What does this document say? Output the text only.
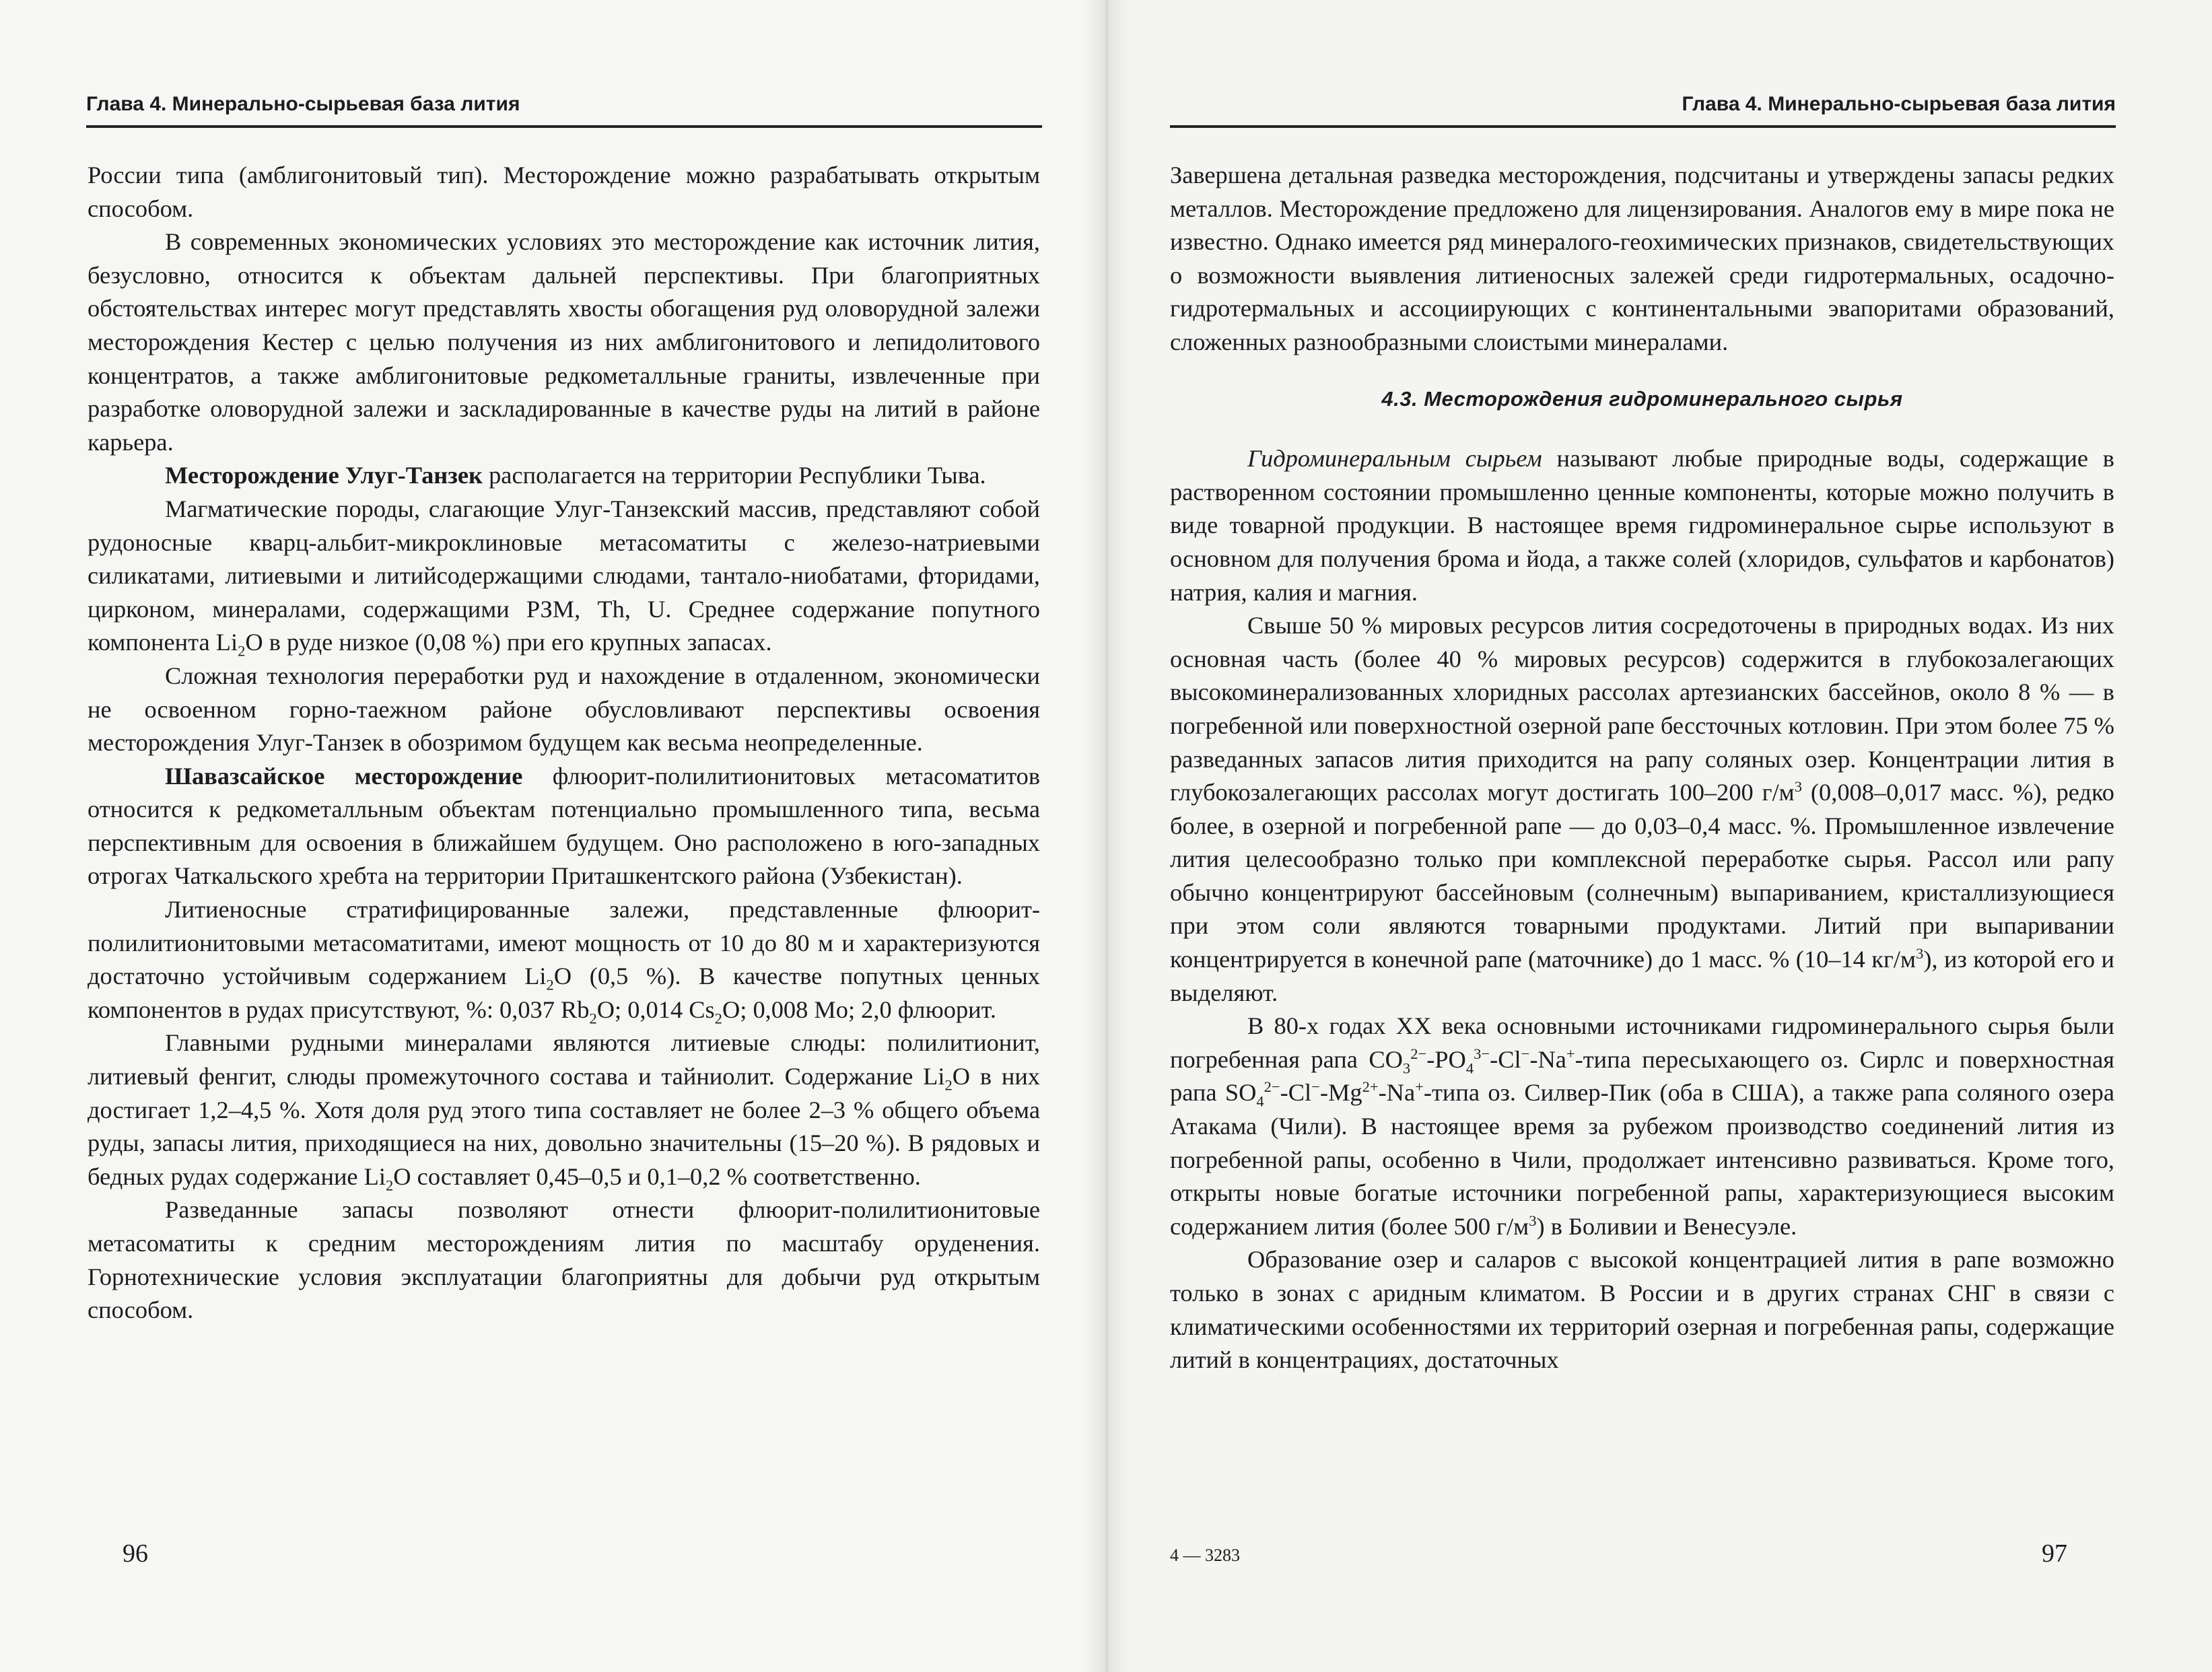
Глава 4. Минерально-сырьевая база лития

России типа (амблигонитовый тип). Месторождение можно разрабатывать открытым способом.

В современных экономических условиях это месторождение как источник лития, безусловно, относится к объектам дальней перспективы. При благоприятных обстоятельствах интерес могут представлять хвосты обогащения руд оловорудной залежи месторождения Кестер с целью получения из них амблигонитового и лепидолитового концентратов, а также амблигонитовые редкометалльные граниты, извлеченные при разработке оловорудной залежи и заскладированные в качестве руды на литий в районе карьера.

Месторождение Улуг-Танзек располагается на территории Республики Тыва.

Магматические породы, слагающие Улуг-Танзекский массив, представляют собой рудоносные кварц-альбит-микроклиновые метасоматиты с железо-натриевыми силикатами, литиевыми и литийсодержащими слюдами, тантало-ниобатами, фторидами, цирконом, минералами, содержащими РЗМ, Th, U. Среднее содержание попутного компонента $Li_2O$ в руде низкое (0,08 %) при его крупных запасах.

Сложная технология переработки руд и нахождение в отдаленном, экономически не освоенном горно-таежном районе обусловливают перспективы освоения месторождения Улуг-Танзек в обозримом будущем как весьма неопределенные.

Шавазсайское месторождение флюорит-полилитионитовых метасоматитов относится к редкометалльным объектам потенциально промышленного типа, весьма перспективным для освоения в ближайшем будущем. Оно расположено в юго-западных отрогах Чаткальского хребта на территории Приташкентского района (Узбекистан).

Литиеносные стратифицированные залежи, представленные флюорит-полилитионитовыми метасоматитами, имеют мощность от 10 до 80 м и характеризуются достаточно устойчивым содержанием $Li_2O$ (0,5 %). В качестве попутных ценных компонентов в рудах присутствуют, %: 0,037 $Rb_2O$; 0,014 $Cs_2O$; 0,008 Mo; 2,0 флюорит.

Главными рудными минералами являются литиевые слюды: полилитионит, литиевый фенгит, слюды промежуточного состава и тайниолит. Содержание $Li_2O$ в них достигает 1,2–4,5 %. Хотя доля руд этого типа составляет не более 2–3 % общего объема руды, запасы лития, приходящиеся на них, довольно значительны (15–20 %). В рядовых и бедных рудах содержание $Li_2O$ составляет 0,45–0,5 и 0,1–0,2 % соответственно.

Разведанные запасы позволяют отнести флюорит-полилитионитовые метасоматиты к средним месторождениям лития по масштабу оруденения. Горнотехнические условия эксплуатации благоприятны для добычи руд открытым способом.

96
Глава 4. Минерально-сырьевая база лития

Завершена детальная разведка месторождения, подсчитаны и утверждены запасы редких металлов. Месторождение предложено для лицензирования. Аналогов ему в мире пока не известно. Однако имеется ряд минералого-геохимических признаков, свидетельствующих о возможности выявления литиеносных залежей среди гидротермальных, осадочно-гидротермальных и ассоциирующих с континентальными эвапоритами образований, сложенных разнообразными слоистыми минералами.

4.3. Месторождения гидроминерального сырья

Гидроминеральным сырьем называют любые природные воды, содержащие в растворенном состоянии промышленно ценные компоненты, которые можно получить в виде товарной продукции. В настоящее время гидроминеральное сырье используют в основном для получения брома и йода, а также солей (хлоридов, сульфатов и карбонатов) натрия, калия и магния.

Свыше 50 % мировых ресурсов лития сосредоточены в природных водах. Из них основная часть (более 40 % мировых ресурсов) содержится в глубокозалегающих высокоминерализованных хлоридных рассолах артезианских бассейнов, около 8 % — в погребенной или поверхностной озерной рапе бессточных котловин. При этом более 75 % разведанных запасов лития приходится на рапу соляных озер. Концентрации лития в глубокозалегающих рассолах могут достигать 100–200 $г/м^3$ (0,008–0,017 масс. %), редко более, в озерной и погребенной рапе — до 0,03–0,4 масс. %. Промышленное извлечение лития целесообразно только при комплексной переработке сырья. Рассол или рапу обычно концентрируют бассейновым (солнечным) выпариванием, кристаллизующиеся при этом соли являются товарными продуктами. Литий при выпаривании концентрируется в конечной рапе (маточнике) до 1 масс. % (10–14 $кг/м^3$), из которой его и выделяют.

В 80-х годах XX века основными источниками гидроминерального сырья были погребенная рапа $CO_3^{2-}-PO_4^{3-}-Cl^--Na^+$-типа пересыхающего оз. Сирлс и поверхностная рапа $SO_4^{2-}-Cl^--Mg^{2+}-Na^+$-типа оз. Силвер-Пик (оба в США), а также рапа соляного озера Атакама (Чили). В настоящее время за рубежом производство соединений лития из погребенной рапы, особенно в Чили, продолжает интенсивно развиваться. Кроме того, открыты новые богатые источники погребенной рапы, характеризующиеся высоким содержанием лития (более 500 $г/м^3$) в Боливии и Венесуэле.

Образование озер и саларов с высокой концентрацией лития в рапе возможно только в зонах с аридным климатом. В России и в других странах СНГ в связи с климатическими особенностями их территорий озерная и погребенная рапы, содержащие литий в концентрациях, достаточных

4 — 3283	97
